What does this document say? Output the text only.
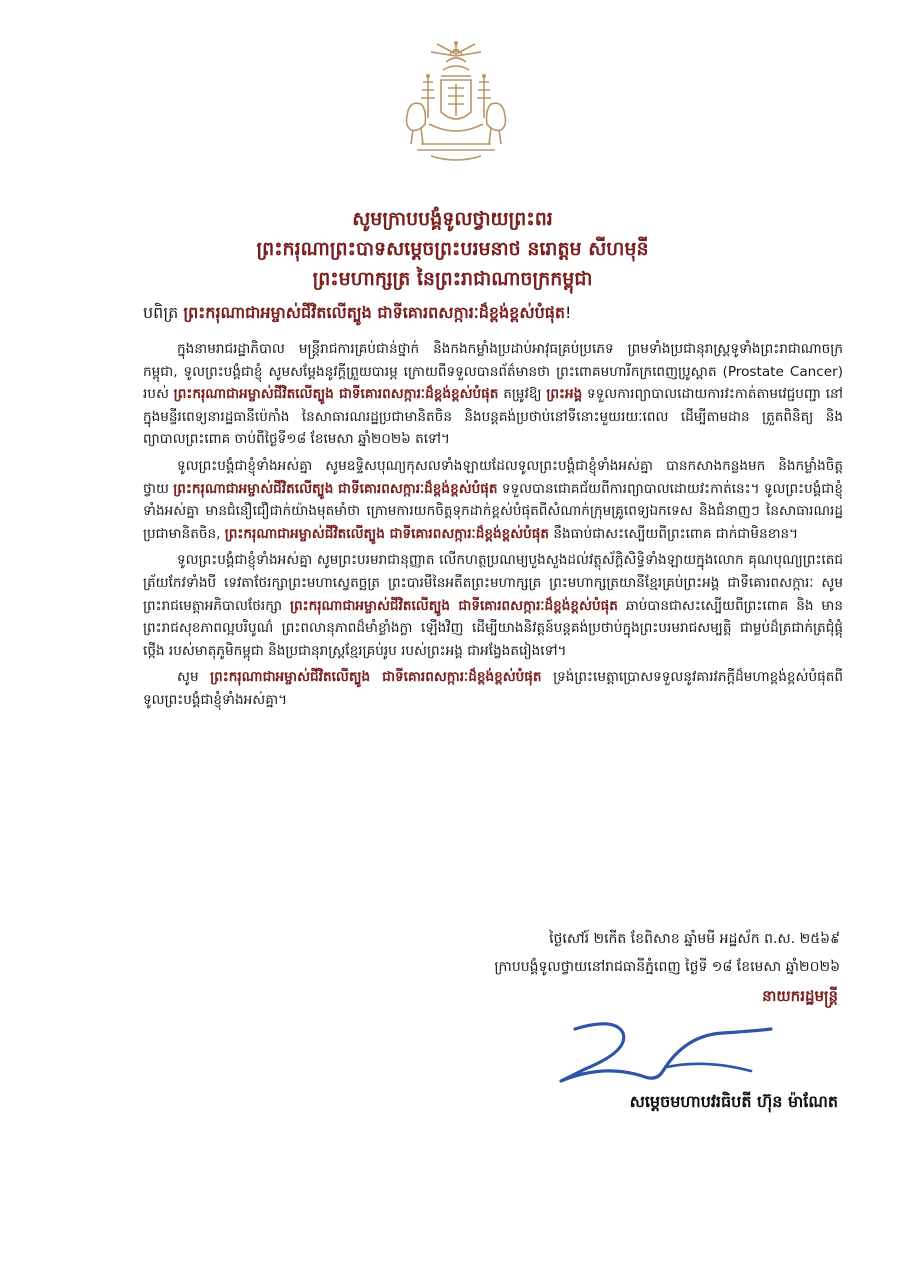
សូមក្រាបបង្គំទូលថ្វាយព្រះពរ
ព្រះករុណាព្រះបាទសម្តេចព្រះបរមនាថ នរោត្តម សីហមុនី
ព្រះមហាក្សត្រ នៃព្រះរាជាណាចក្រកម្ពុជា
បពិត្រ ព្រះករុណាជាអម្ចាស់ជីវិតលើត្បូង ជាទីគោរពសក្ការៈដ៏ខ្ពង់ខ្ពស់បំផុត!

ក្នុងនាមរាជរដ្ឋាភិបាល មន្ត្រីរាជការគ្រប់ជាន់ថ្នាក់ និងកងកម្លាំងប្រដាប់អាវុធគ្រប់ប្រភេទ ព្រមទាំងប្រជានុរាស្ត្រទូទាំងព្រះរាជាណាចក្រកម្ពុជា, ទូលព្រះបង្គំជាខ្ញុំ សូមសម្តែងនូវក្តីព្រួយបារម្ភ ក្រោយពីទទួលបានព័ត៌មានថា ព្រះពោគមហារីកក្រពេញប្រូស្តាត (Prostate Cancer) របស់ ព្រះករុណាជាអម្ចាស់ជីវិតលើត្បូង ជាទីគោរពសក្ការៈដ៏ខ្ពង់ខ្ពស់បំផុត តម្រូវឱ្យ ព្រះអង្គ ទទួលការព្យាបាលដោយការវះកាត់តាមវេជ្ជបញ្ជា នៅក្នុងមន្ទីរពេទ្យនារដ្ឋធានីប៉េកាំង នៃសាធារណរដ្ឋប្រជាមានិតចិន និងបន្តគង់ប្រថាប់នៅទីនោះមួយរយៈពេល ដើម្បីតាមដាន ត្រួតពិនិត្យ និងព្យាបាលព្រះពោគ ចាប់ពីថ្ងៃទី១៨ ខែមេសា ឆ្នាំ២០២៦ តទៅ។

ទូលព្រះបង្គំជាខ្ញុំទាំងអស់គ្នា សូមឧទ្ទិសបុណ្យកុសលទាំងឡាយដែលទូលព្រះបង្គំជាខ្ញុំទាំងអស់គ្នា បានកសាងកន្លងមក និងកម្លាំងចិត្ត ថ្វាយ ព្រះករុណាជាអម្ចាស់ជីវិតលើត្បូង ជាទីគោរពសក្ការៈដ៏ខ្ពង់ខ្ពស់បំផុត ទទួលបានជោគជ័យពីការព្យាបាលដោយវះកាត់នេះ។ ទូលព្រះបង្គំជាខ្ញុំទាំងអស់គ្នា មានជំនឿជឿជាក់យ៉ាងមុតមាំថា ក្រោមការយកចិត្តទុកដាក់ខ្ពស់បំផុតពីសំណាក់ក្រុមគ្រូពេទ្យឯកទេស និងជំនាញៗ នៃសាធារណរដ្ឋប្រជាមានិតចិន, ព្រះករុណាជាអម្ចាស់ជីវិតលើត្បូង ជាទីគោរពសក្ការៈដ៏ខ្ពង់ខ្ពស់បំផុត នឹងធាប់ជាសះស្បើយពីព្រះពោគ ជាក់ជាមិនខាន។

ទូលព្រះបង្គំជាខ្ញុំទាំងអស់គ្នា សូមព្រះបរមរាជានុញ្ញាត លើកហត្ថប្រណម្យបួងសួងដល់វត្ថុស័ក្តិសិទ្ធិទាំងឡាយក្នុងលោក គុណបុណ្យព្រះតេជត្រ័យកែវទាំងបី ទេវតាថែរក្សាព្រះមហាស្វេតច្ឆត្រ ព្រះបារមីនៃអតីតព្រះមហាក្សត្រ ព្រះមហាក្សត្រយានីខ្មែរគ្រប់ព្រះអង្គ ជាទីគោរពសក្ការៈ សូមព្រះរាជមេត្តាអភិបាលថែរក្សា ព្រះករុណាជាអម្ចាស់ជីវិតលើត្បូង ជាទីគោរពសក្ការៈដ៏ខ្ពង់ខ្ពស់បំផុត ឆាប់បានជាសះស្បើយពីព្រះពោគ និង មានព្រះរាជសុខភាពល្អបរិបូណ៌ ព្រះពលានុភាពដ៏មាំខ្លាំងក្លា ឡើងវិញ ដើម្បីយាងនិវត្តន៍បន្តគង់ប្រថាប់ក្នុងព្រះបរមរាជសម្បត្តិ ជាម្លប់ដ៏ត្រជាក់ត្រជុំផ្តុំថ្កើង របស់មាតុភូមិកម្ពុជា និងប្រជានុរាស្ត្រខ្មែរគ្រប់រូប របស់ព្រះអង្គ ជាអង្វែងតរៀងទៅ។

សូម ព្រះករុណាជាអម្ចាស់ជីវិតលើត្បូង ជាទីគោរពសក្ការៈដ៏ខ្ពង់ខ្ពស់បំផុត ទ្រង់ព្រះមេត្តាប្រោសទទួលនូវគារវភក្តីដ៏មហាខ្ពង់ខ្ពស់បំផុតពីទូលព្រះបង្គំជាខ្ញុំទាំងអស់គ្នា។

ថ្ងៃសៅរ៍ ២កើត ខែពិសាខ ឆ្នាំមមី អដ្ឋស័ក ព.ស. ២៥៦៩
ក្រាបបង្គំទូលថ្វាយនៅរាជធានីភ្នំពេញ ថ្ងៃទី ១៨ ខែមេសា ឆ្នាំ២០២៦
នាយករដ្ឋមន្ត្រី
សម្តេចមហាបវរធិបតី ហ៊ុន ម៉ាណែត
